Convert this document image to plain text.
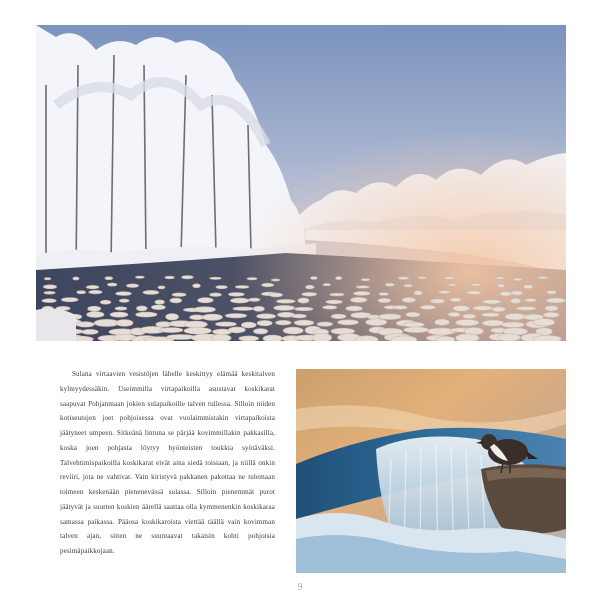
Sulana virtaavien vesistöjen lähelle keskittyy elämää keskitalven kylmyydessäkin. Useimmilla virtapaikoilla asustavat koskikarat saapuvat Pohjanmaan jokien sulapaikoille talven tullessa. Silloin niiden kotiseutujen joet pohjoisessa ovat vuolaimmistakin virtapaikoista jäätyneet umpeen. Sitkeänä lintuna se pärjää kovimmillakin pakkasilla, koska joen pohjasta löytyy hyönteisten toukkia syötäväksi. Talvehtimispaikoilla koskikarat eivät aina siedä toisiaan, ja niillä onkin reviiri, jota ne vahtivat. Vain kiristyvä pakkanen pakottaa ne tulemaan toimeen keskenään pienenevässä sulassa. Silloin pienemmät purot jäätyvät ja suurten koskien äärellä saattaa olla kymmenenkin koskikaraa samassa paikassa. Pääosa koskikaroista viettää täällä vain kovimman talven ajan, sitten ne suuntaavat takaisin kohti pohjoisia pesimäpaikkojaan.

9
